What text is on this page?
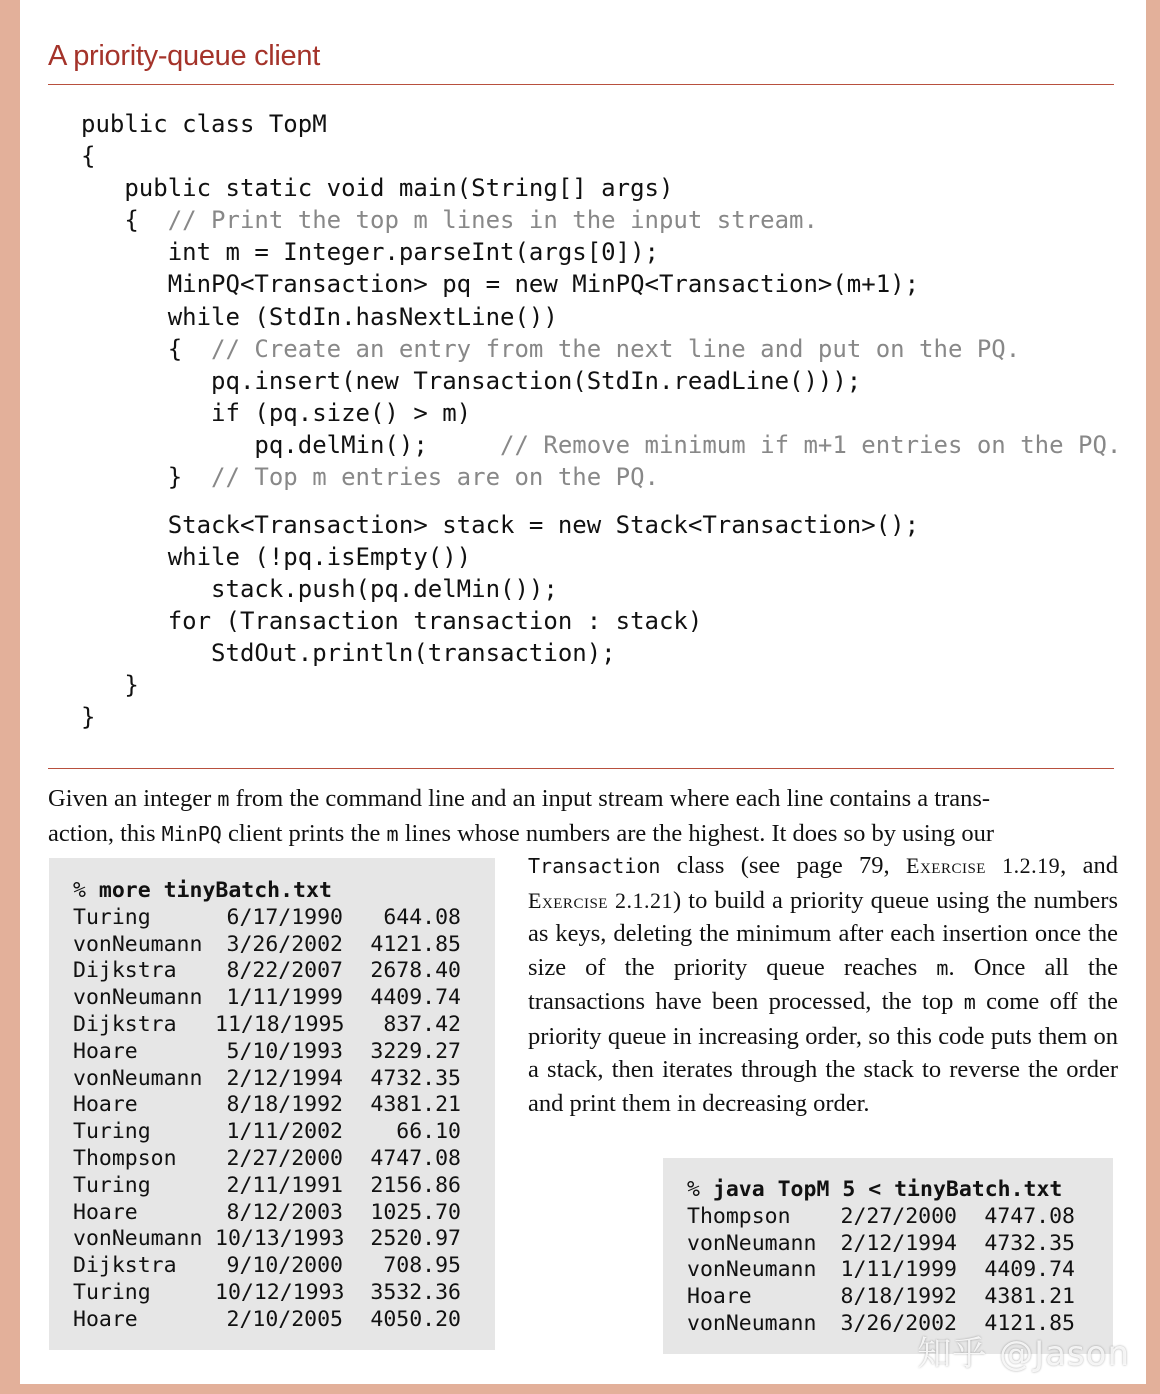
A priority-queue client
public class TopM
{
public static void main(String[] args)
{  // Print the top m lines in the input stream.
int m = Integer.parseInt(args[0]);
MinPQ<Transaction> pq = new MinPQ<Transaction>(m+1);
while (StdIn.hasNextLine())
{  // Create an entry from the next line and put on the PQ.
pq.insert(new Transaction(StdIn.readLine()));
if (pq.size() > m)
pq.delMin();     // Remove minimum if m+1 entries on the PQ.
}  // Top m entries are on the PQ.
Stack<Transaction> stack = new Stack<Transaction>();
while (!pq.isEmpty())
stack.push(pq.delMin());
for (Transaction transaction : stack)
StdOut.println(transaction);
}
}
Given an integer m from the command line and an input stream where each line contains a trans-
action, this MinPQ client prints the m lines whose numbers are the highest. It does so by using our
Transaction class (see page 79, Exercise 1.2.19, and Exercise 2.1.21) to build a priority queue using the numbers as keys, deleting the minimum after each insertion once the size of the priority queue reaches m. Once all the transactions have been processed, the top m come off the priority queue in increasing order, so this code puts them on a stack, then iterates through the stack to reverse the order and print them in decreasing order.
% more tinyBatch.txt
Turing	6/17/1990 644.08
vonNeumann 3/26/2002 4121.85
Dijkstra 8/22/2007 2678.40
vonNeumann 1/11/1999 4409.74
Dijkstra 11/18/1995 837.42
Hoare	5/10/1993 3229.27
vonNeumann 2/12/1994 4732.35
Hoare	8/18/1992 4381.21
Turing	1/11/2002 66.10
Thompson 2/27/2000 4747.08
Turing	2/11/1991 2156.86
Hoare	8/12/2003 1025.70
vonNeumann 10/13/1993 2520.97
Dijkstra 9/10/2000 708.95
Turing	10/12/1993 3532.36
Hoare	2/10/2005 4050.20
% java TopM 5 < tinyBatch.txt
Thompson 2/27/2000 4747.08
vonNeumann 2/12/1994 4732.35
vonNeumann 1/11/1999 4409.74
Hoare	8/18/1992 4381.21
vonNeumann 3/26/2002 4121.85
知乎 @Jason
